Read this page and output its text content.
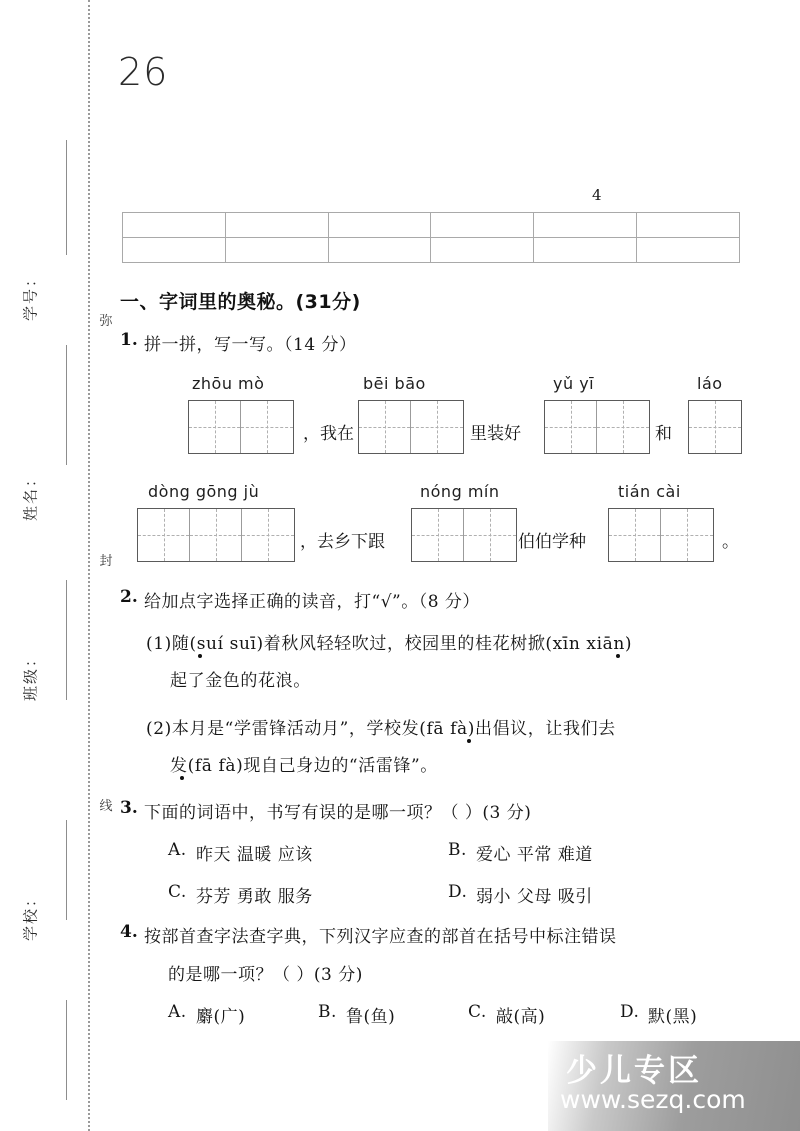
学号：
姓名：
班级：
学校：
弥
封
线
26
4

一、字词里的奥秘。(31分)
1. 拼一拼，写一写。（14 分）
zhōu mò	bēi bāo	yǔ yī	láo
，我在	里装好	和
dòng gōng jù	nóng mín	tián cài
，去乡下跟	伯伯学种	。
2. 给加点字选择正确的读音，打“√”。（8 分）
(1)随(suí suī)着秋风轻轻吹过，校园里的桂花树掀(xīn xiān)
起了金色的花浪。
(2)本月是“学雷锋活动月”，学校发(fā fà)出倡议，让我们去
发(fā fà)现自己身边的“活雷锋”。
3. 下面的词语中，书写有误的是哪一项？（ ）(3 分)
A. 昨天 温暖 应该	B. 爱心 平常 难道
C. 芬芳 勇敢 服务	D. 弱小 父母 吸引
4. 按部首查字法查字典，下列汉字应查的部首在括号中标注错误
的是哪一项？（ ）(3 分)
A. 麝(广)	B. 鲁(鱼)	C. 敲(高)	D. 默(黑)
少儿专区
www.sezq.com
